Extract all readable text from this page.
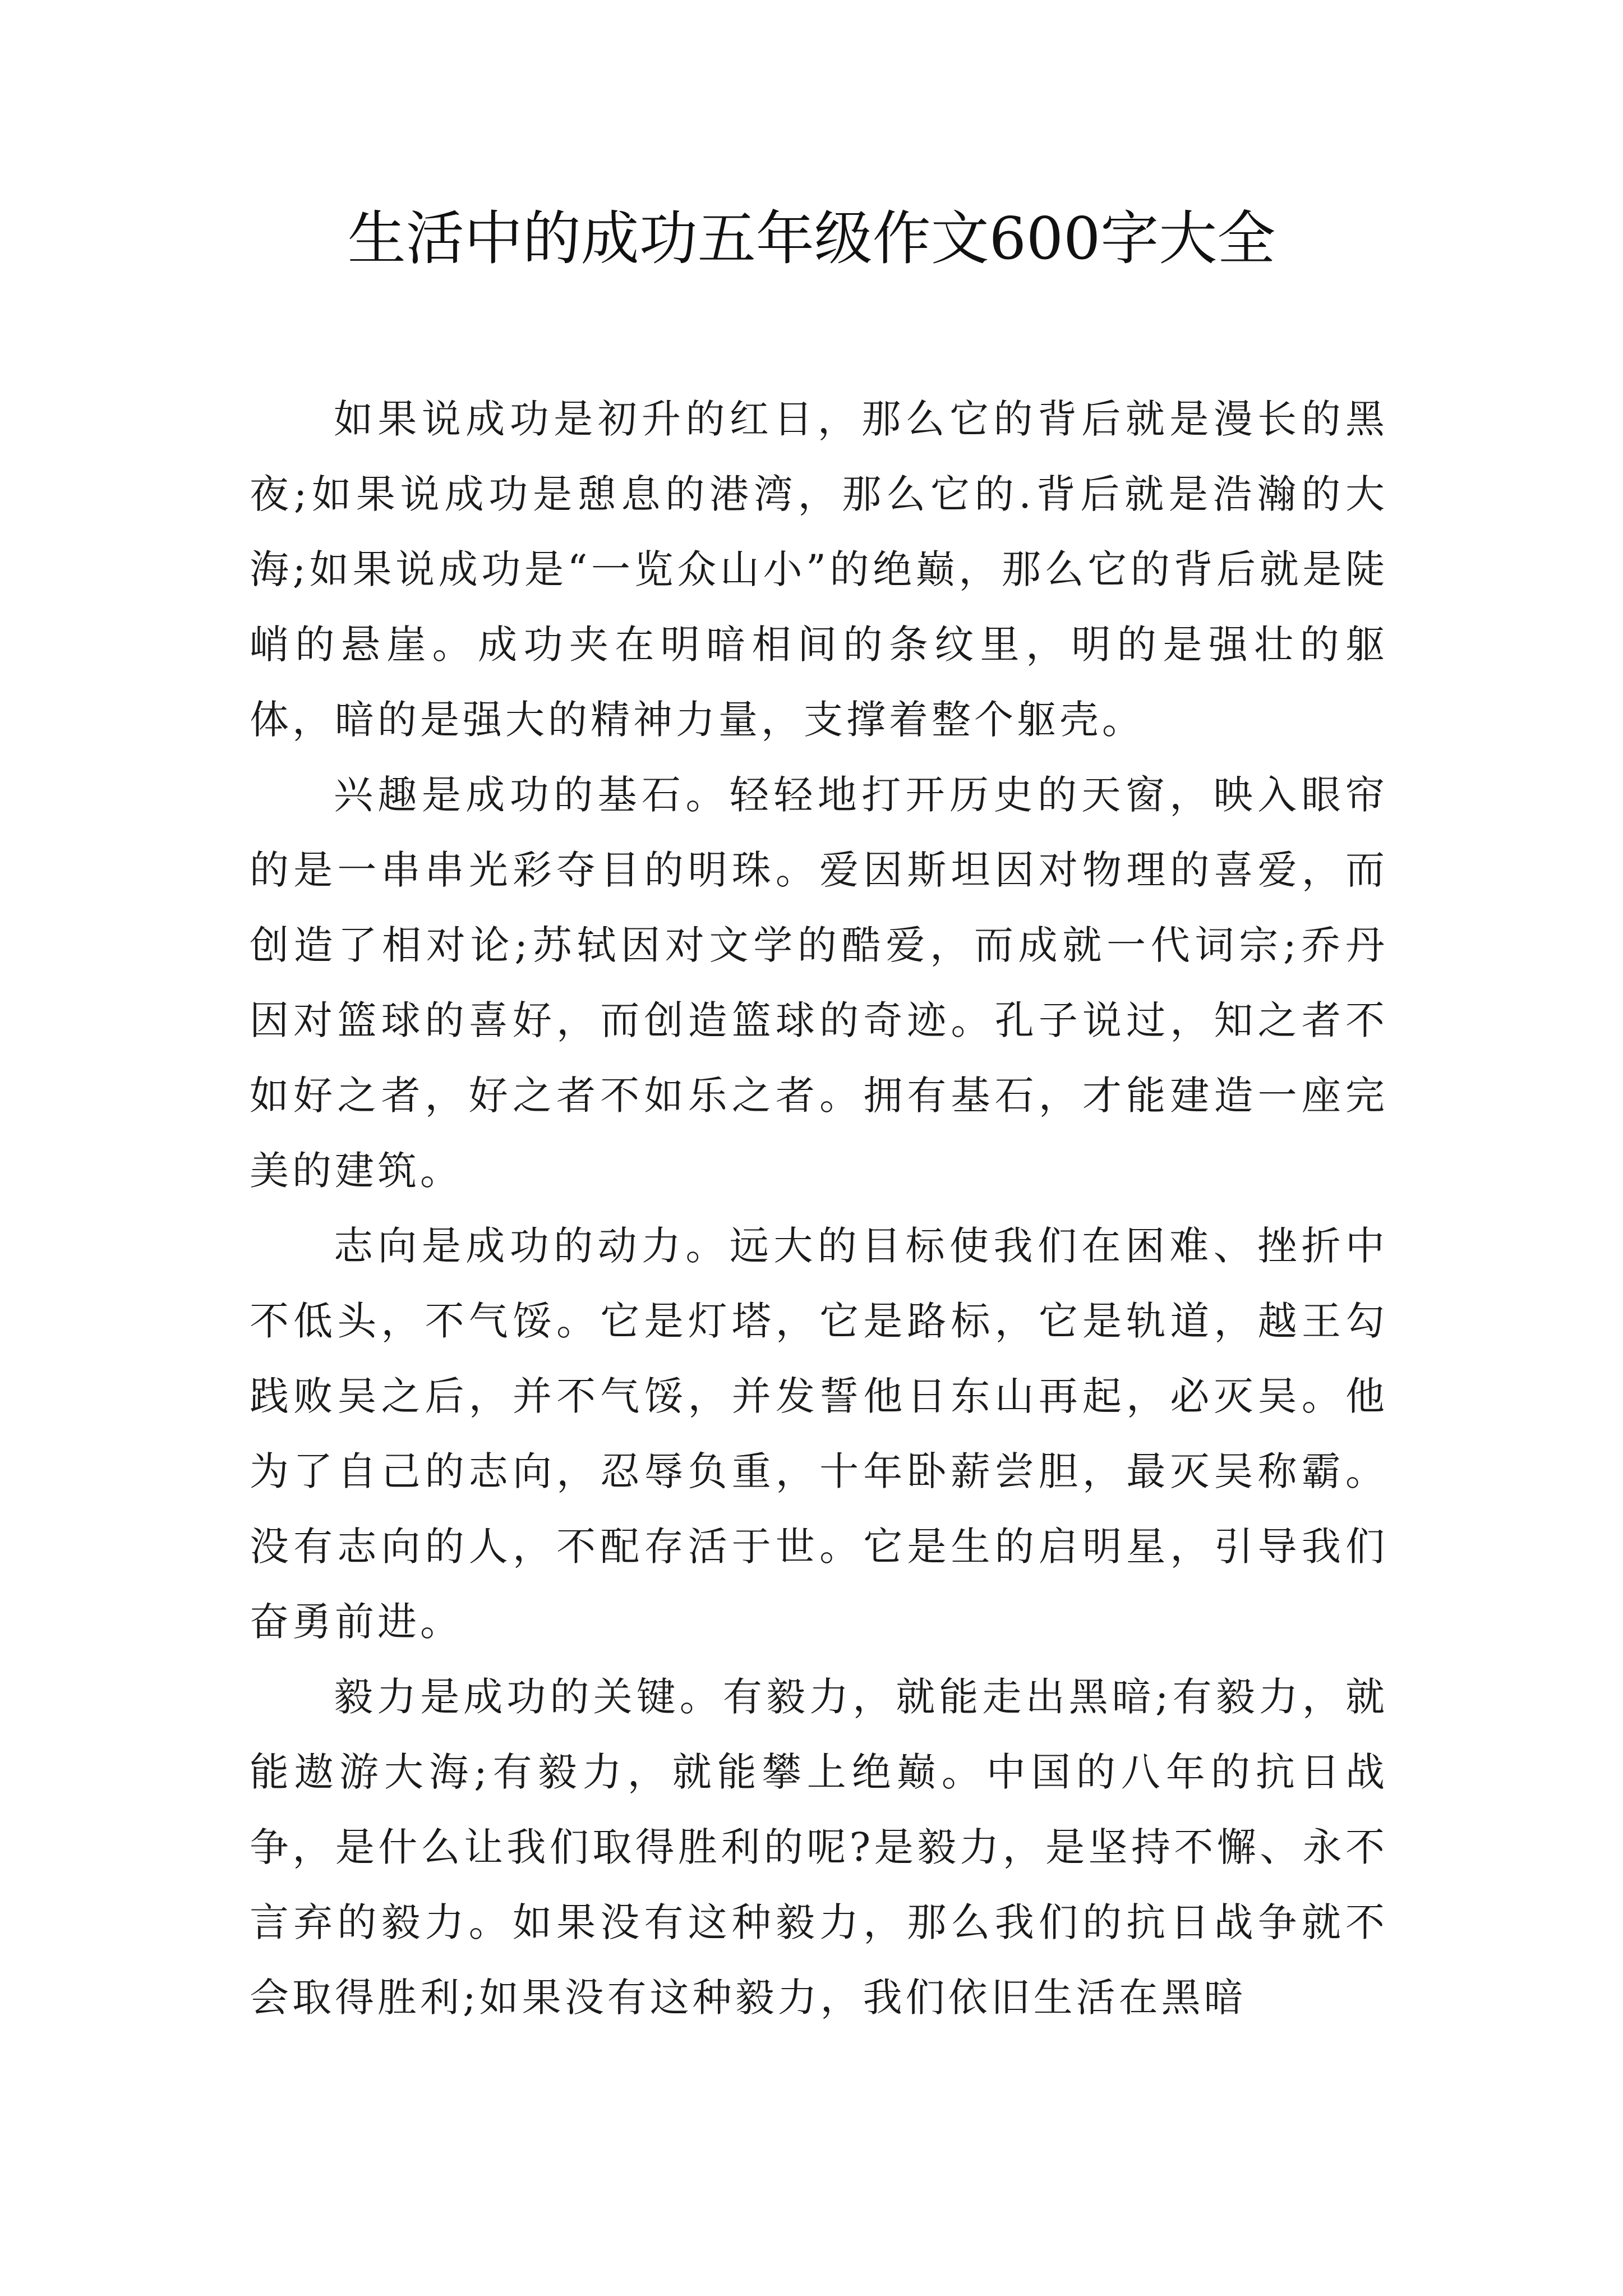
生活中的成功五年级作文600字大全

如果说成功是初升的红日，那么它的背后就是漫长的黑夜;如果说成功是憩息的港湾，那么它的.背后就是浩瀚的大海;如果说成功是“一览众山小”的绝巅，那么它的背后就是陡峭的悬崖。成功夹在明暗相间的条纹里，明的是强壮的躯体，暗的是强大的精神力量，支撑着整个躯壳。

兴趣是成功的基石。轻轻地打开历史的天窗，映入眼帘的是一串串光彩夺目的明珠。爱因斯坦因对物理的喜爱，而创造了相对论;苏轼因对文学的酷爱，而成就一代词宗;乔丹因对篮球的喜好，而创造篮球的奇迹。孔子说过，知之者不如好之者，好之者不如乐之者。拥有基石，才能建造一座完美的建筑。

志向是成功的动力。远大的目标使我们在困难、挫折中不低头，不气馁。它是灯塔，它是路标，它是轨道，越王勾践败吴之后，并不气馁，并发誓他日东山再起，必灭吴。他为了自己的志向，忍辱负重，十年卧薪尝胆，最灭吴称霸。没有志向的人，不配存活于世。它是生的启明星，引导我们奋勇前进。

毅力是成功的关键。有毅力，就能走出黑暗;有毅力，就能遨游大海;有毅力，就能攀上绝巅。中国的八年的抗日战争，是什么让我们取得胜利的呢?是毅力，是坚持不懈、永不言弃的毅力。如果没有这种毅力，那么我们的抗日战争就不会取得胜利;如果没有这种毅力，我们依旧生活在黑暗
